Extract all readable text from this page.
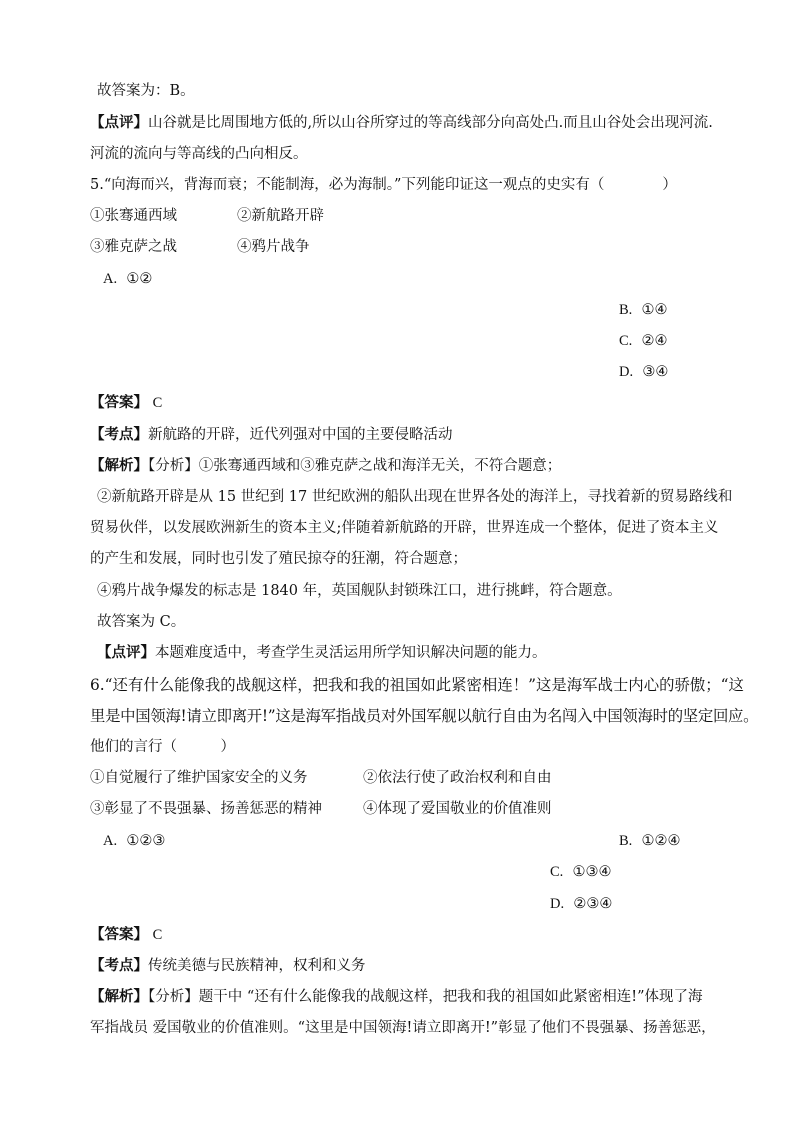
故答案为：B。
【点评】山谷就是比周围地方低的,所以山谷所穿过的等高线部分向高处凸.而且山谷处会出现河流.
河流的流向与等高线的凸向相反。
5.“向海而兴，背海而衰；不能制海，必为海制。”下列能印证这一观点的史实有（　　　　）
①张骞通西域	②新航路开辟
③雅克萨之战	④鸦片战争
A. ①②
B. ①④
C. ②④
D. ③④
【答案】 C
【考点】新航路的开辟，近代列强对中国的主要侵略活动
【解析】【分析】①张骞通西域和③雅克萨之战和海洋无关，不符合题意；
②新航路开辟是从 15 世纪到 17 世纪欧洲的船队出现在世界各处的海洋上，寻找着新的贸易路线和
贸易伙伴，以发展欧洲新生的资本主义;伴随着新航路的开辟，世界连成一个整体，促进了资本主义
的产生和发展，同时也引发了殖民掠夺的狂潮，符合题意；
④鸦片战争爆发的标志是 1840 年，英国舰队封锁珠江口，进行挑衅，符合题意。
故答案为 C。
【点评】本题难度适中，考查学生灵活运用所学知识解决问题的能力。
6.“还有什么能像我的战舰这样，把我和我的祖国如此紧密相连！”这是海军战士内心的骄傲；“这
里是中国领海!请立即离开!”这是海军指战员对外国军舰以航行自由为名闯入中国领海时的坚定回应。
他们的言行（　　　）
①自觉履行了维护国家安全的义务	②依法行使了政治权利和自由
③彰显了不畏强暴、扬善惩恶的精神	④体现了爱国敬业的价值准则
A. ①②③	B. ①②④
C. ①③④
D. ②③④
【答案】 C
【考点】传统美德与民族精神，权利和义务
【解析】【分析】题干中 “还有什么能像我的战舰这样，把我和我的祖国如此紧密相连!”体现了海
军指战员 爱国敬业的价值准则。“这里是中国领海!请立即离开!”彰显了他们不畏强暴、扬善惩恶，
